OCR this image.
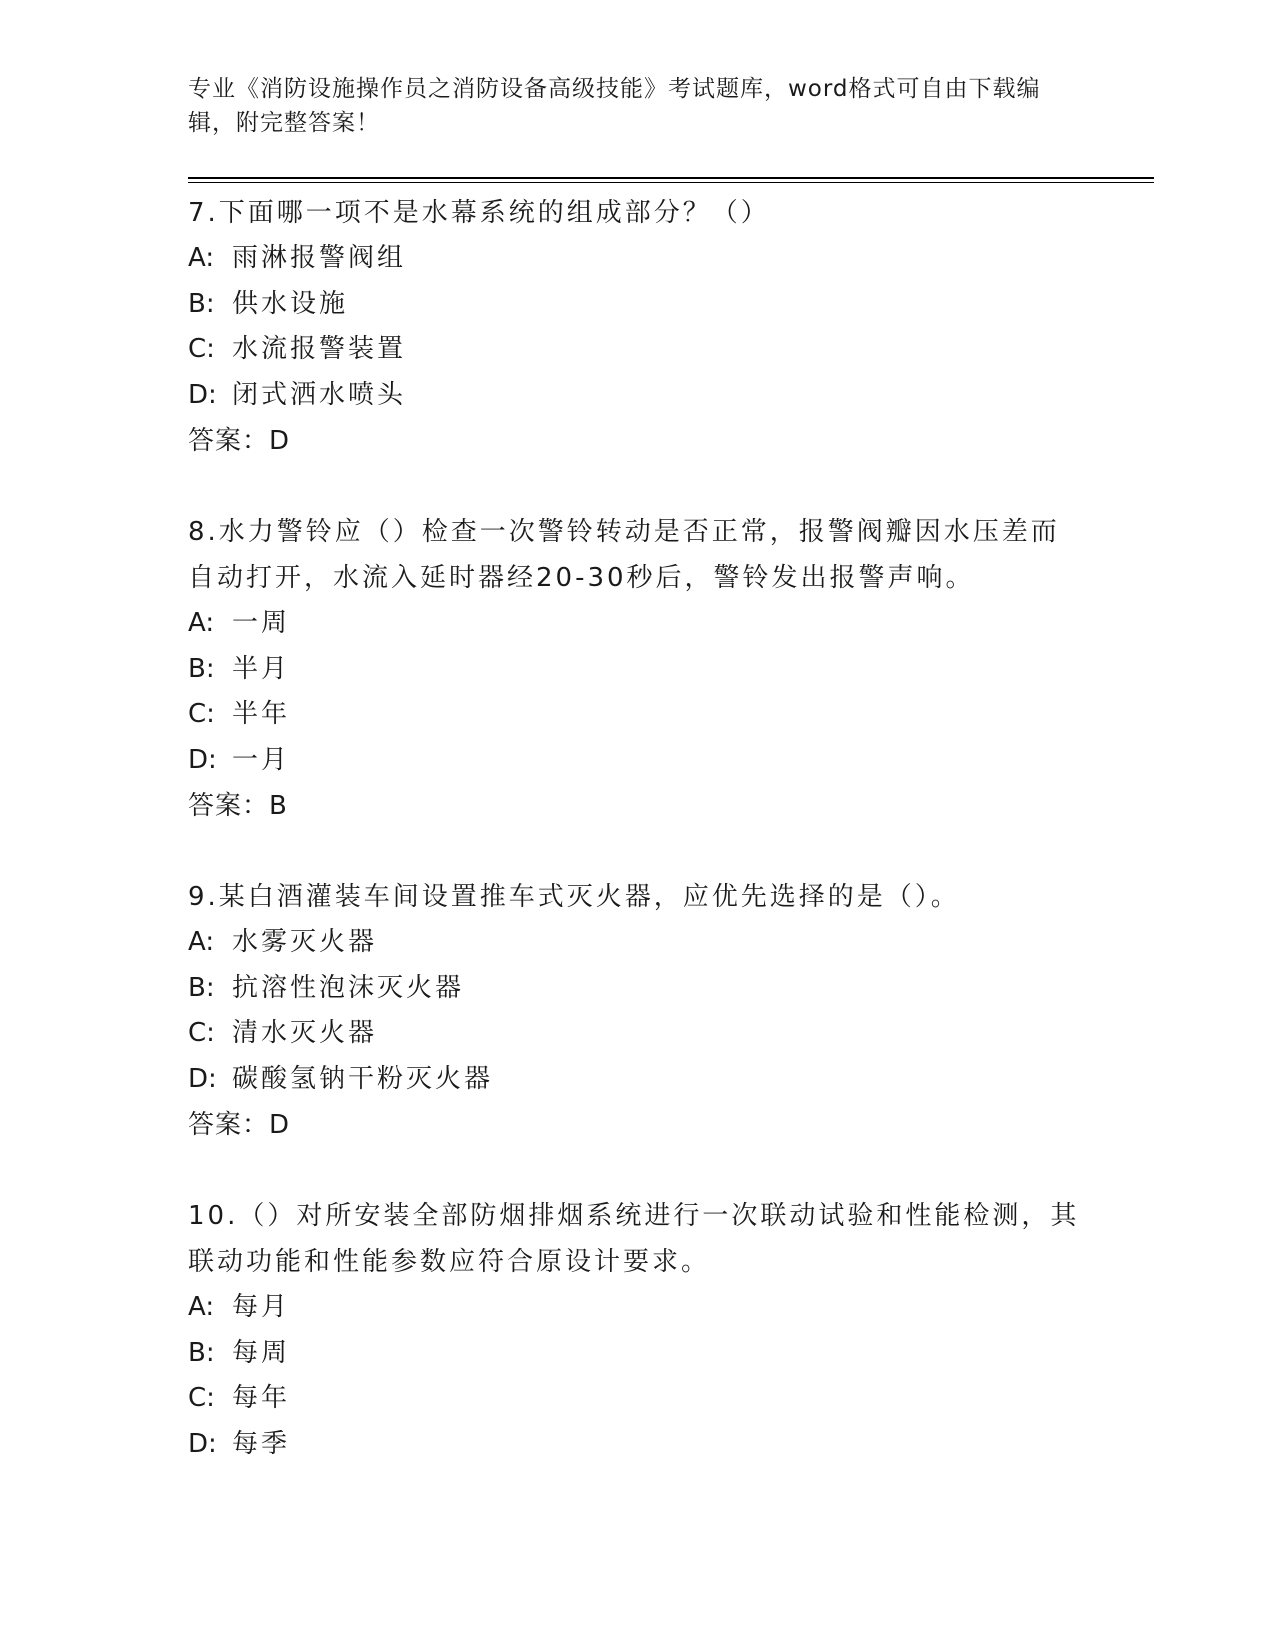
专业《消防设施操作员之消防设备高级技能》考试题库，word格式可自由下载编辑，附完整答案！
7.下面哪一项不是水幕系统的组成部分？（）
A: 雨淋报警阀组
B: 供水设施
C: 水流报警装置
D: 闭式洒水喷头
答案：D
8.水力警铃应（）检查一次警铃转动是否正常，报警阀瓣因水压差而自动打开，水流入延时器经20-30秒后，警铃发出报警声响。
A: 一周
B: 半月
C: 半年
D: 一月
答案：B
9.某白酒灌装车间设置推车式灭火器，应优先选择的是（）。
A: 水雾灭火器
B: 抗溶性泡沫灭火器
C: 清水灭火器
D: 碳酸氢钠干粉灭火器
答案：D
10.（）对所安装全部防烟排烟系统进行一次联动试验和性能检测，其联动功能和性能参数应符合原设计要求。
A: 每月
B: 每周
C: 每年
D: 每季
